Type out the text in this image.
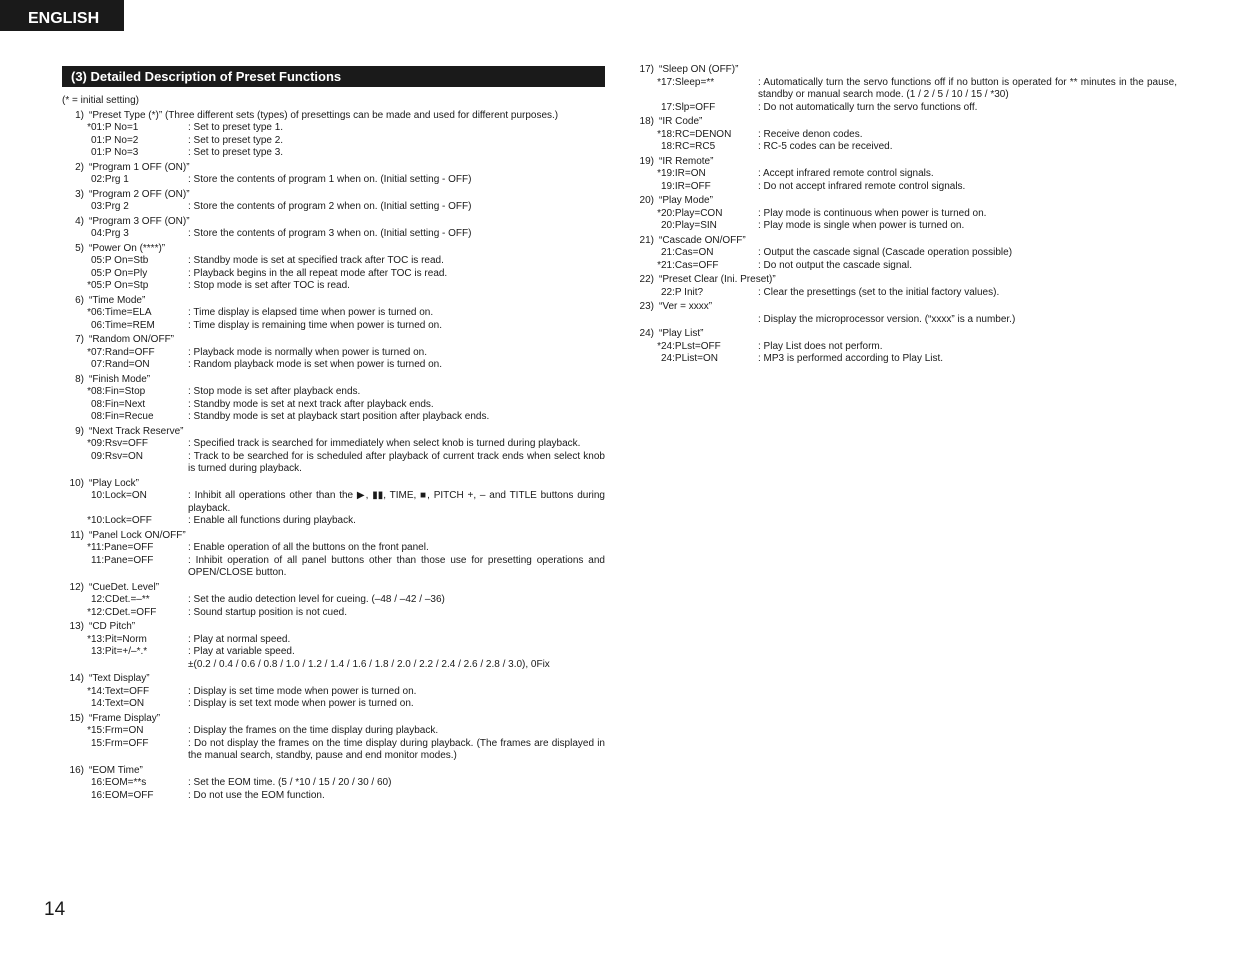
ENGLISH
(3) Detailed Description of Preset Functions
(* = initial setting)
1) “Preset Type (*)” (Three different sets (types) of presettings can be made and used for different purposes.)
* 01:P No=1	: Set to preset type 1.
01:P No=2	: Set to preset type 2.
01:P No=3	: Set to preset type 3.
2) “Program 1 OFF (ON)”
02:Prg 1	: Store the contents of program 1 when on. (Initial setting - OFF)
3) “Program 2 OFF (ON)”
03:Prg 2	: Store the contents of program 2 when on. (Initial setting - OFF)
4) “Program 3 OFF (ON)”
04:Prg 3	: Store the contents of program 3 when on. (Initial setting - OFF)
5) “Power On (****)”
05:P On=Stb	: Standby mode is set at specified track after TOC is read.
05:P On=Ply	: Playback begins in the all repeat mode after TOC is read.
* 05:P On=Stp	: Stop mode is set after TOC is read.
6) “Time Mode”
* 06:Time=ELA	: Time display is elapsed time when power is turned on.
06:Time=REM	: Time display is remaining time when power is turned on.
7) “Random ON/OFF”
* 07:Rand=OFF	: Playback mode is normally when power is turned on.
07:Rand=ON	: Random playback mode is set when power is turned on.
8) “Finish Mode”
* 08:Fin=Stop	: Stop mode is set after playback ends.
08:Fin=Next	: Standby mode is set at next track after playback ends.
08:Fin=Recue	: Standby mode is set at playback start position after playback ends.
9) “Next Track Reserve”
* 09:Rsv=OFF	: Specified track is searched for immediately when select knob is turned during playback.
09:Rsv=ON	: Track to be searched for is scheduled after playback of current track ends when select knob is turned during playback.
10) “Play Lock”
10:Lock=ON	: Inhibit all operations other than the ▶, ▮▮, TIME, ■, PITCH +, – and TITLE buttons during playback.
* 10:Lock=OFF	: Enable all functions during playback.
11) “Panel Lock ON/OFF”
* 11:Pane=OFF	: Enable operation of all the buttons on the front panel.
11:Pane=OFF	: Inhibit operation of all panel buttons other than those use for presetting operations and OPEN/CLOSE button.
12) “CueDet. Level”
12:CDet.=–**	: Set the audio detection level for cueing. (–48 / –42 / –36)
* 12:CDet.=OFF	: Sound startup position is not cued.
13) “CD Pitch”
* 13:Pit=Norm	: Play at normal speed.
13:Pit=+/–*.*	: Play at variable speed.
±(0.2 / 0.4 / 0.6 / 0.8 / 1.0 / 1.2 / 1.4 / 1.6 / 1.8 / 2.0 / 2.2 / 2.4 / 2.6 / 2.8 / 3.0), 0Fix
14) “Text Display”
* 14:Text=OFF	: Display is set time mode when power is turned on.
14:Text=ON	: Display is set text mode when power is turned on.
15) “Frame Display”
* 15:Frm=ON	: Display the frames on the time display during playback.
15:Frm=OFF	: Do not display the frames on the time display during playback. (The frames are displayed in the manual search, standby, pause and end monitor modes.)
16) “EOM Time”
16:EOM=**s	: Set the EOM time. (5 / *10 / 15 / 20 / 30 / 60)
16:EOM=OFF	: Do not use the EOM function.
17) “Sleep ON (OFF)”
* 17:Sleep=**	: Automatically turn the servo functions off if no button is operated for ** minutes in the pause, standby or manual search mode. (1 / 2 / 5 / 10 / 15 / *30)
17:Slp=OFF	: Do not automatically turn the servo functions off.
18) “IR Code”
* 18:RC=DENON	: Receive denon codes.
18:RC=RC5	: RC-5 codes can be received.
19) “IR Remote”
* 19:IR=ON	: Accept infrared remote control signals.
19:IR=OFF	: Do not accept infrared remote control signals.
20) “Play Mode”
* 20:Play=CON	: Play mode is continuous when power is turned on.
20:Play=SIN	: Play mode is single when power is turned on.
21) “Cascade ON/OFF”
21:Cas=ON	: Output the cascade signal (Cascade operation possible)
* 21:Cas=OFF	: Do not output the cascade signal.
22) “Preset Clear (Ini. Preset)”
22:P Init?	: Clear the presettings (set to the initial factory values).
23) “Ver = xxxx”
: Display the microprocessor version. (“xxxx” is a number.)
24) “Play List”
* 24:PLst=OFF	: Play List does not perform.
24:PList=ON	: MP3 is performed according to Play List.
14
